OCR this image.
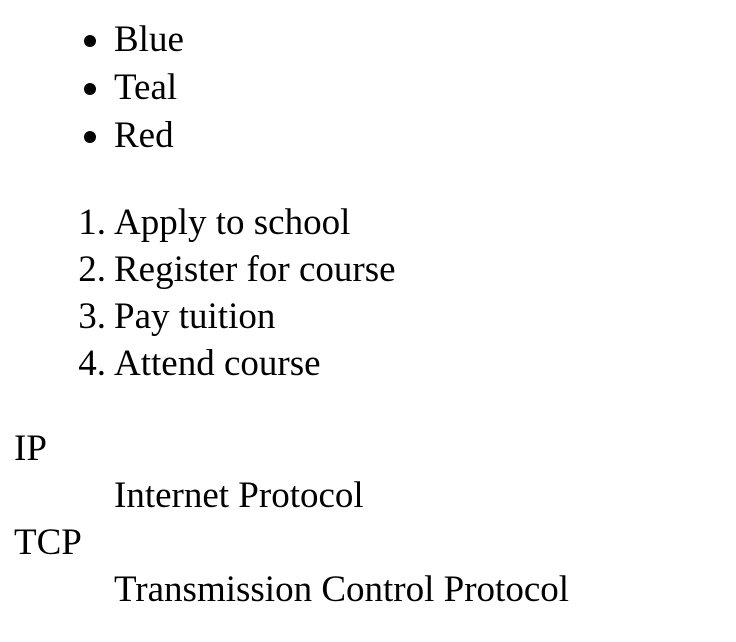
Blue
Teal
Red
1. Apply to school
2. Register for course
3. Pay tuition
4. Attend course
IP
Internet Protocol
TCP
Transmission Control Protocol
